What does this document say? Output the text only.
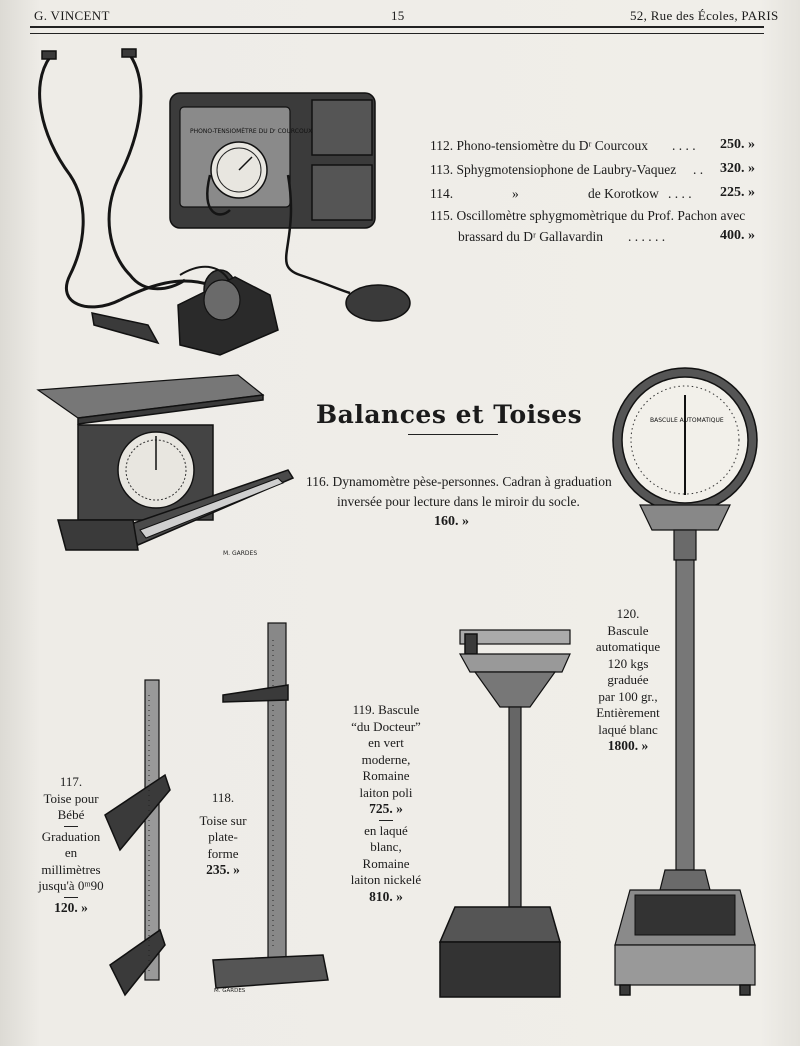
G. VINCENT	15	52, Rue des Écoles, PARIS
PHONO-TENSIOMÈTRE DU Dʳ COURCOUX
112. Phono-tensiomètre du Dʳ Courcoux . . . . 250. »
113. Sphygmotensiophone de Laubry-Vaquez . . 320. »
114.	»	de Korotkow . . . . 225. »
115. Oscillomètre sphygmomètrique du Prof. Pachon avec
brassard du Dʳ Gallavardin . . . . . .	400. »
Balances et Toises
M. GARDES
116. Dynamomètre pèse-personnes. Cadran à graduation
inversée pour lecture dans le miroir du socle.
160. »
BASCULE AUTOMATIQUE
M. GARDES
117.
Toise pour
Bébé
Graduation
en millimètres
jusqu'à 0ᵐ90
120. »
118.
Toise sur
plate-
forme
235. »
119. Bascule
“du Docteur”
en vert
moderne,
Romaine
laiton poli
725. »
en laqué
blanc,
Romaine
laiton nickelé
810. »
120.
Bascule
automatique
120 kgs
graduée
par 100 gr.,
Entièrement
laqué blanc
1800. »
